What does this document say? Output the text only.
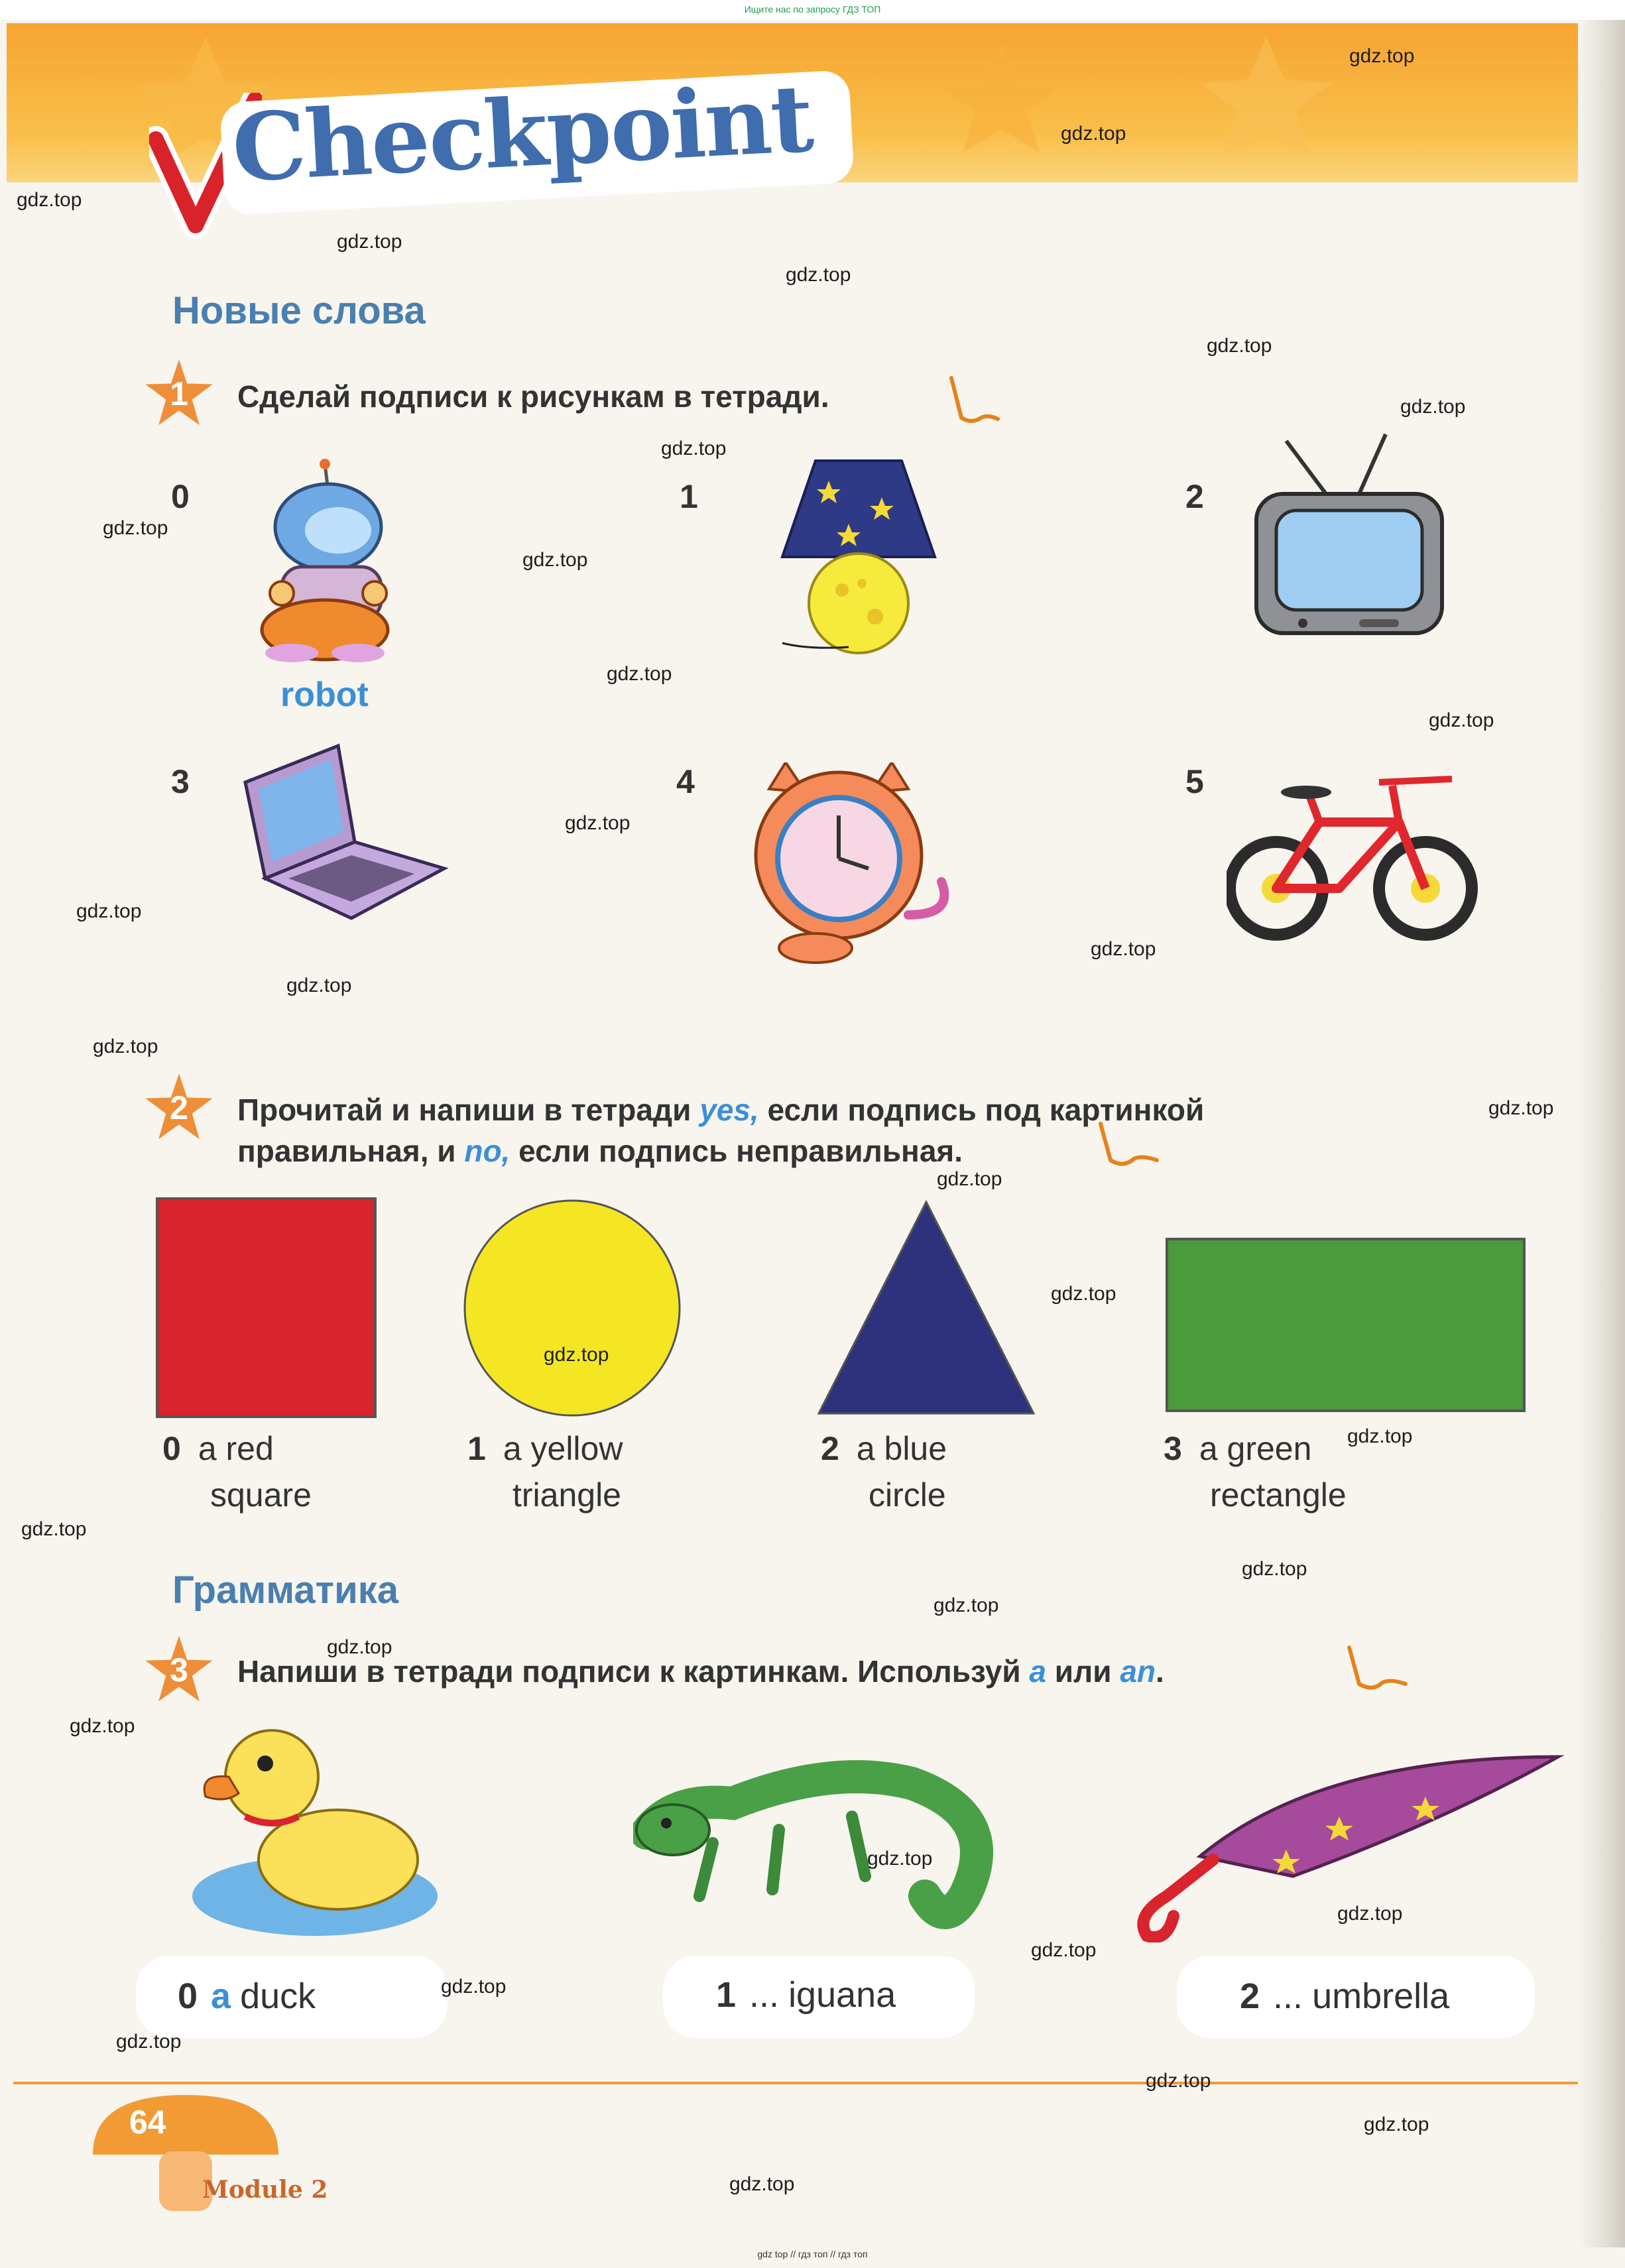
Ищите нас по запросу ГДЗ ТОП
Checkpoint
Новые слова
1	Сделай подписи к рисункам в тетради.
0	1	2
3	4	5
robot
2	Прочитай и напиши в тетради yes, если подпись под картинкой
правильная, и no, если подпись неправильная.
0 a red
square
1 a yellow
triangle
2 a blue
circle
3 a green
rectangle
Грамматика
3	Напиши в тетради подписи к картинкам. Используй a или an.
0 a duck	1 ... iguana	2 ... umbrella
64
Module 2
gdz.top
gdz.top
gdz.top
gdz.top
gdz.top
gdz.top
gdz.top
gdz.top
gdz.top
gdz.top
gdz.top
gdz.top
gdz.top
gdz.top
gdz.top
gdz.top
gdz.top
gdz.top
gdz.top
gdz.top
gdz.top
gdz.top
gdz.top
gdz.top
gdz.top
gdz.top
gdz.top
gdz.top
gdz.top
gdz.top
gdz.top
gdz.top
gdz.top
gdz.top
gdz.top
gdz top // гдз топ // гдз топ
